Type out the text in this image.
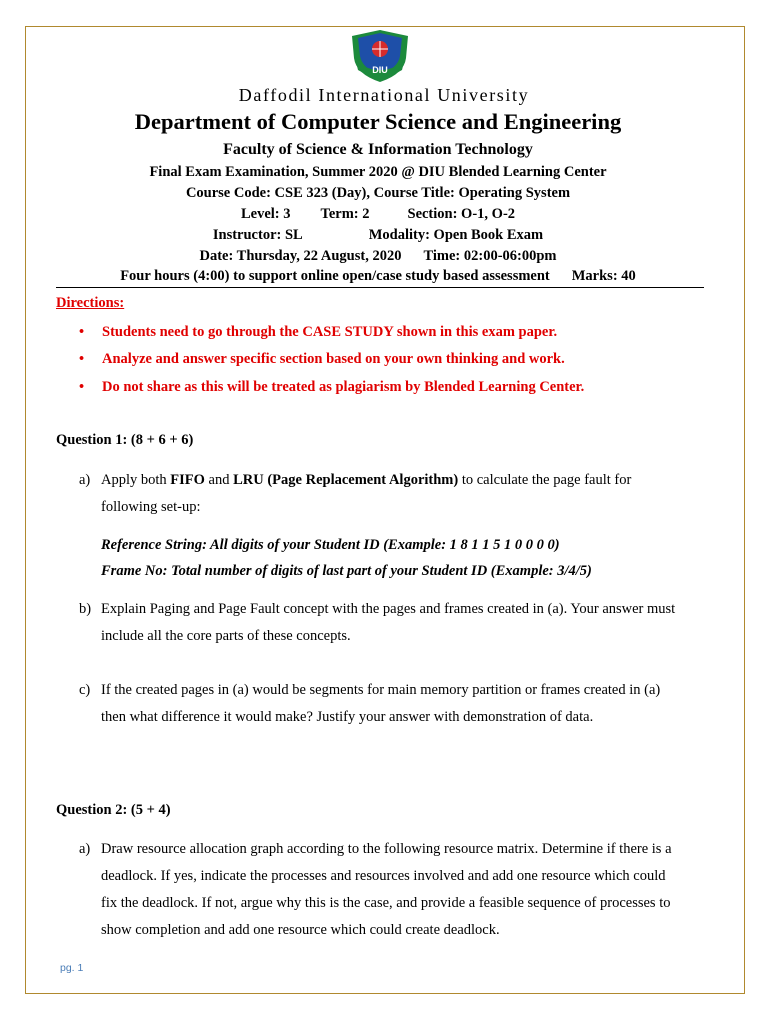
DIU
Daffodil International University
Department of Computer Science and Engineering
Faculty of Science & Information Technology
Final Exam Examination, Summer 2020 @ DIU Blended Learning Center
Course Code: CSE 323 (Day), Course Title: Operating System
Level: 3 Term: 2	Section: O-1, O-2
Instructor: SL	Modality: Open Book Exam
Date: Thursday, 22 August, 2020 Time: 02:00-06:00pm
Four hours (4:00) to support online open/case study based assessment Marks: 40
Directions:
• Students need to go through the CASE STUDY shown in this exam paper.
• Analyze and answer specific section based on your own thinking and work.
• Do not share as this will be treated as plagiarism by Blended Learning Center.
Question 1: (8 + 6 + 6)
a) Apply both FIFO and LRU (Page Replacement Algorithm) to calculate the page fault for
following set-up:
Reference String: All digits of your Student ID (Example: 1 8 1 1 5 1 0 0 0 0)
Frame No: Total number of digits of last part of your Student ID (Example: 3/4/5)
b) Explain Paging and Page Fault concept with the pages and frames created in (a). Your answer must
include all the core parts of these concepts.
c) If the created pages in (a) would be segments for main memory partition or frames created in (a)
then what difference it would make? Justify your answer with demonstration of data.
Question 2: (5 + 4)
a) Draw resource allocation graph according to the following resource matrix. Determine if there is a
deadlock. If yes, indicate the processes and resources involved and add one resource which could
fix the deadlock. If not, argue why this is the case, and provide a feasible sequence of processes to
show completion and add one resource which could create deadlock.
pg. 1
